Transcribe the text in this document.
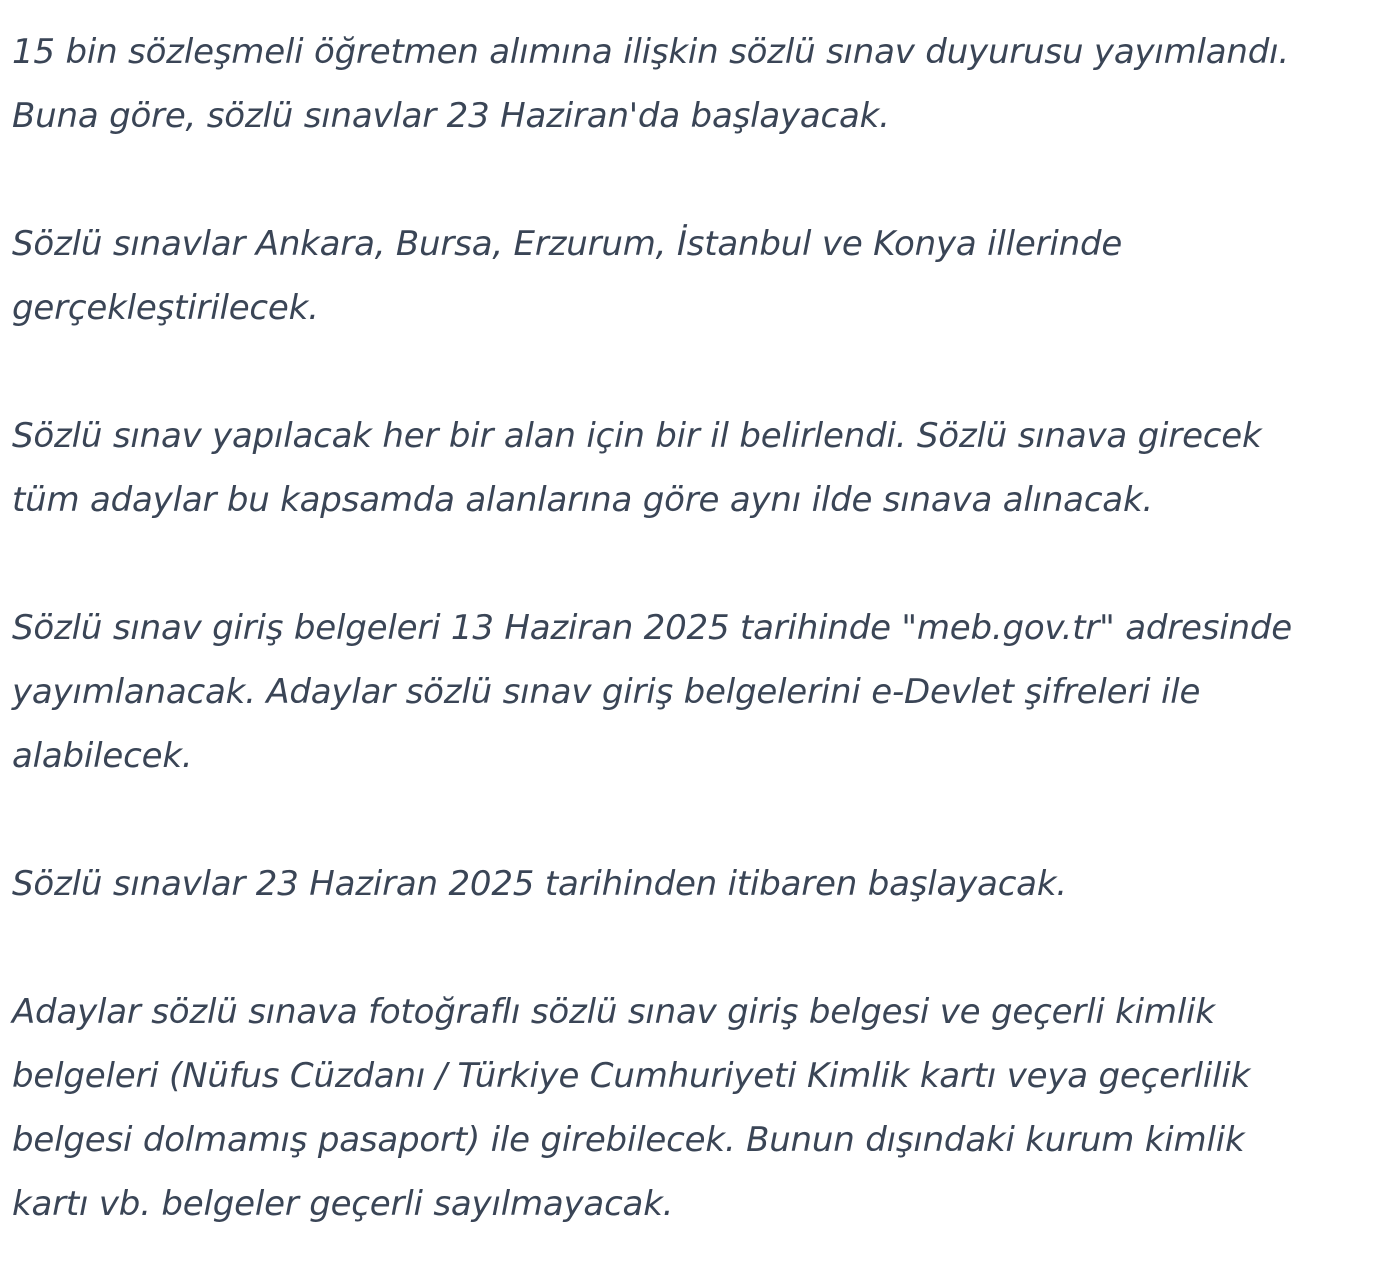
15 bin sözleşmeli öğretmen alımına ilişkin sözlü sınav duyurusu yayımlandı.
Buna göre, sözlü sınavlar 23 Haziran'da başlayacak.

Sözlü sınavlar Ankara, Bursa, Erzurum, İstanbul ve Konya illerinde
gerçekleştirilecek.

Sözlü sınav yapılacak her bir alan için bir il belirlendi. Sözlü sınava girecek
tüm adaylar bu kapsamda alanlarına göre aynı ilde sınava alınacak.

Sözlü sınav giriş belgeleri 13 Haziran 2025 tarihinde "meb.gov.tr" adresinde
yayımlanacak. Adaylar sözlü sınav giriş belgelerini e-Devlet şifreleri ile
alabilecek.

Sözlü sınavlar 23 Haziran 2025 tarihinden itibaren başlayacak.

Adaylar sözlü sınava fotoğraflı sözlü sınav giriş belgesi ve geçerli kimlik
belgeleri (Nüfus Cüzdanı / Türkiye Cumhuriyeti Kimlik kartı veya geçerlilik
belgesi dolmamış pasaport) ile girebilecek. Bunun dışındaki kurum kimlik
kartı vb. belgeler geçerli sayılmayacak.
